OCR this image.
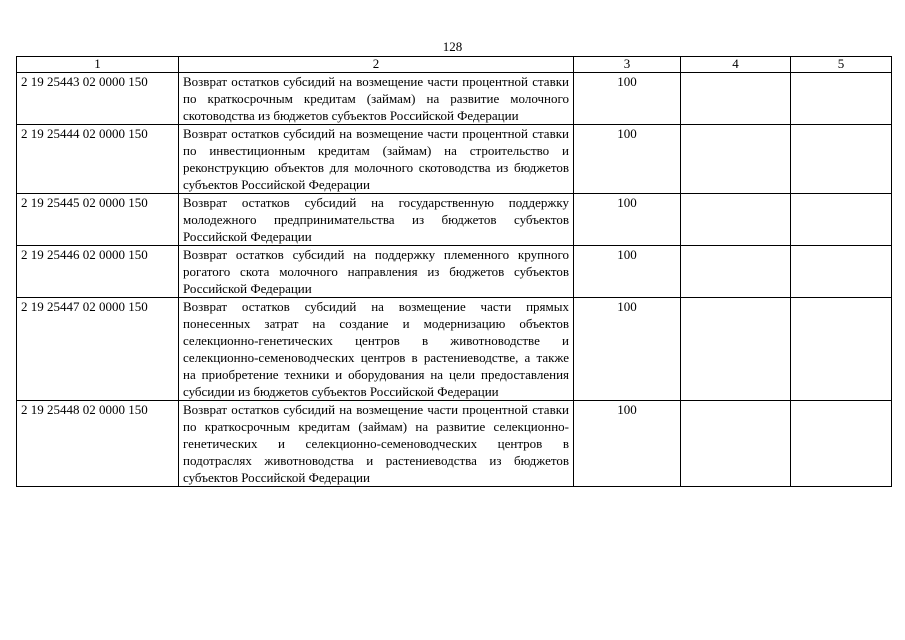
128
1	2	3	4	5
2 19 25443 02 0000 150	Возврат остатков субсидий на возмещение части процентной ставки по краткосрочным кредитам (займам) на развитие молочного скотоводства из бюджетов субъектов Российской Федерации	100		
2 19 25444 02 0000 150	Возврат остатков субсидий на возмещение части процентной ставки по инвестиционным кредитам (займам) на строительство и реконструкцию объектов для молочного скотоводства из бюджетов субъектов Российской Федерации	100		
2 19 25445 02 0000 150	Возврат остатков субсидий на государственную поддержку молодежного предпринимательства из бюджетов субъектов Российской Федерации	100		
2 19 25446 02 0000 150	Возврат остатков субсидий на поддержку племенного крупного рогатого скота молочного направления из бюджетов субъектов Российской Федерации	100		
2 19 25447 02 0000 150	Возврат остатков субсидий на возмещение части прямых понесенных затрат на создание и модернизацию объектов селекционно-генетических центров в животноводстве и селекционно-семеноводческих центров в растениеводстве, а также на приобретение техники и оборудования на цели предоставления субсидии из бюджетов субъектов Российской Федерации	100		
2 19 25448 02 0000 150	Возврат остатков субсидий на возмещение части процентной ставки по краткосрочным кредитам (займам) на развитие селекционно-генетических и селекционно-семеноводческих центров в подотраслях животноводства и растениеводства из бюджетов субъектов Российской Федерации	100		
